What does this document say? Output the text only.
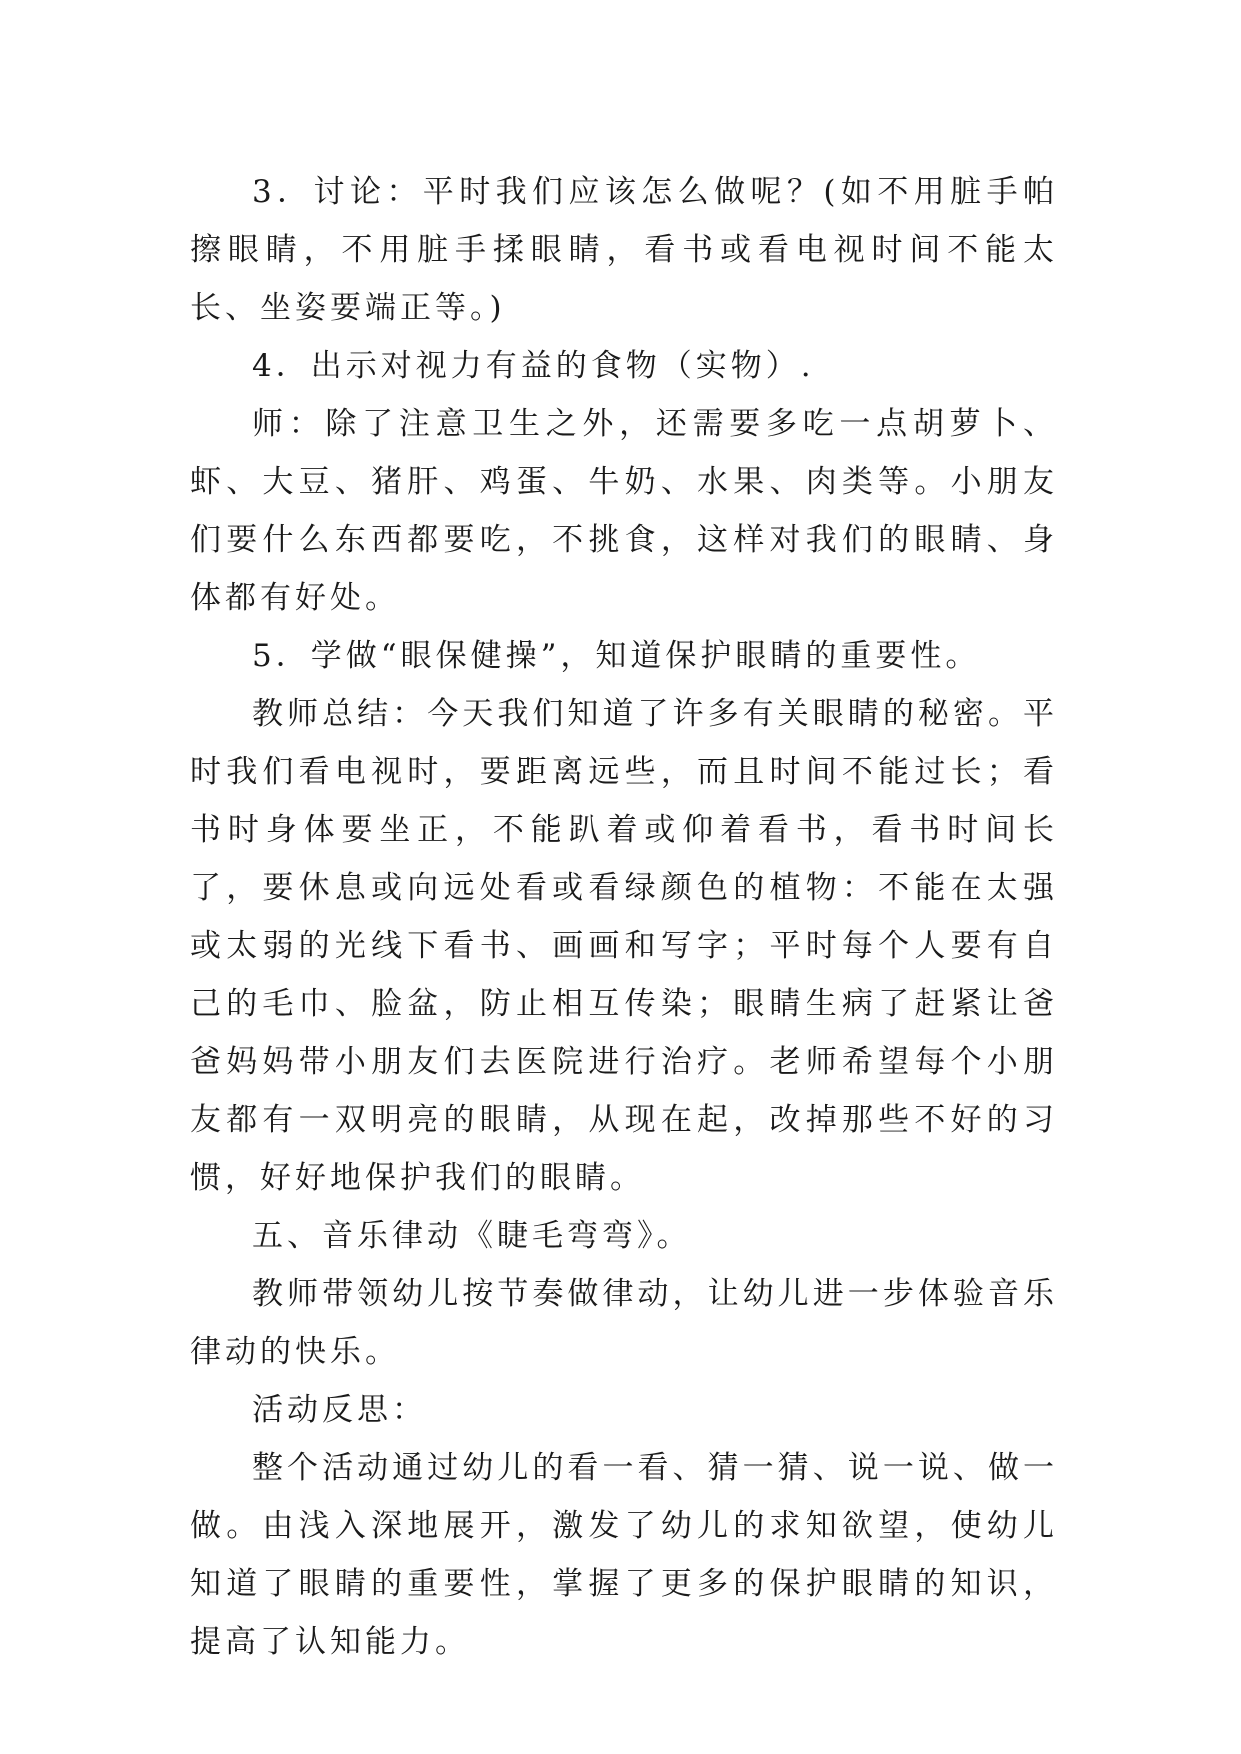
3．讨论：平时我们应该怎么做呢？(如不用脏手帕擦眼睛，不用脏手揉眼睛，看书或看电视时间不能太长、坐姿要端正等。)

4．出示对视力有益的食物（实物）.

师：除了注意卫生之外，还需要多吃一点胡萝卜、虾、大豆、猪肝、鸡蛋、牛奶、水果、肉类等。小朋友们要什么东西都要吃，不挑食，这样对我们的眼睛、身体都有好处。

5．学做“眼保健操”，知道保护眼睛的重要性。

教师总结：今天我们知道了许多有关眼睛的秘密。平时我们看电视时，要距离远些，而且时间不能过长；看书时身体要坐正，不能趴着或仰着看书，看书时间长了，要休息或向远处看或看绿颜色的植物：不能在太强或太弱的光线下看书、画画和写字；平时每个人要有自己的毛巾、脸盆，防止相互传染；眼睛生病了赶紧让爸爸妈妈带小朋友们去医院进行治疗。老师希望每个小朋友都有一双明亮的眼睛，从现在起，改掉那些不好的习惯，好好地保护我们的眼睛。

五、音乐律动《睫毛弯弯》。

教师带领幼儿按节奏做律动，让幼儿进一步体验音乐律动的快乐。

活动反思：

整个活动通过幼儿的看一看、猜一猜、说一说、做一做。由浅入深地展开，激发了幼儿的求知欲望，使幼儿知道了眼睛的重要性，掌握了更多的保护眼睛的知识，提高了认知能力。
